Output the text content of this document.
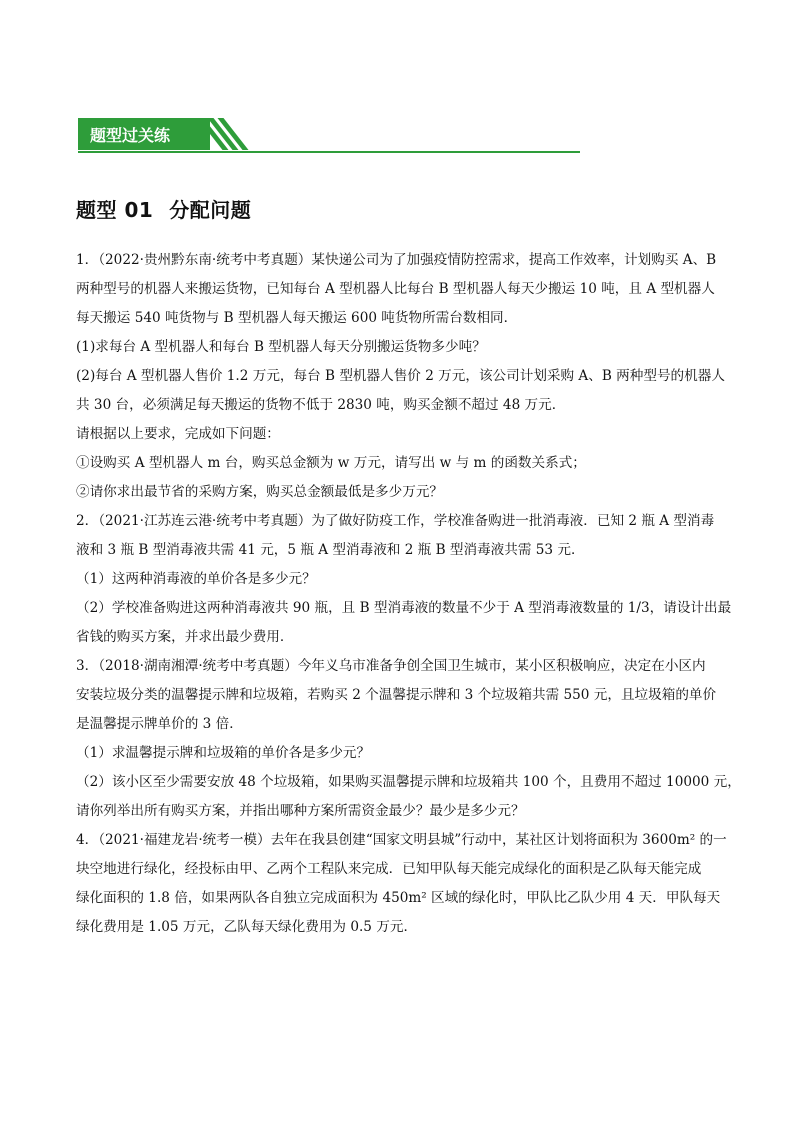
题型过关练
题型 01 分配问题
1．（2022·贵州黔东南·统考中考真题）某快递公司为了加强疫情防控需求，提高工作效率，计划购买 A、B
两种型号的机器人来搬运货物，已知每台 A 型机器人比每台 B 型机器人每天少搬运 10 吨，且 A 型机器人
每天搬运 540 吨货物与 B 型机器人每天搬运 600 吨货物所需台数相同．
(1)求每台 A 型机器人和每台 B 型机器人每天分别搬运货物多少吨？
(2)每台 A 型机器人售价 1.2 万元，每台 B 型机器人售价 2 万元，该公司计划采购 A、B 两种型号的机器人
共 30 台，必须满足每天搬运的货物不低于 2830 吨，购买金额不超过 48 万元．
请根据以上要求，完成如下问题：
①设购买 A 型机器人 m 台，购买总金额为 w 万元，请写出 w 与 m 的函数关系式；
②请你求出最节省的采购方案，购买总金额最低是多少万元？
2．（2021·江苏连云港·统考中考真题）为了做好防疫工作，学校准备购进一批消毒液．已知 2 瓶 A 型消毒
液和 3 瓶 B 型消毒液共需 41 元，5 瓶 A 型消毒液和 2 瓶 B 型消毒液共需 53 元．
（1）这两种消毒液的单价各是多少元？
（2）学校准备购进这两种消毒液共 90 瓶，且 B 型消毒液的数量不少于 A 型消毒液数量的 1/3，请设计出最
省钱的购买方案，并求出最少费用．
3．（2018·湖南湘潭·统考中考真题）今年义乌市准备争创全国卫生城市，某小区积极响应，决定在小区内
安装垃圾分类的温馨提示牌和垃圾箱，若购买 2 个温馨提示牌和 3 个垃圾箱共需 550 元，且垃圾箱的单价
是温馨提示牌单价的 3 倍．
（1）求温馨提示牌和垃圾箱的单价各是多少元？
（2）该小区至少需要安放 48 个垃圾箱，如果购买温馨提示牌和垃圾箱共 100 个，且费用不超过 10000 元，
请你列举出所有购买方案，并指出哪种方案所需资金最少？最少是多少元？
4．（2021·福建龙岩·统考一模）去年在我县创建“国家文明县城”行动中，某社区计划将面积为 3600m² 的一
块空地进行绿化，经投标由甲、乙两个工程队来完成．已知甲队每天能完成绿化的面积是乙队每天能完成
绿化面积的 1.8 倍，如果两队各自独立完成面积为 450m² 区域的绿化时，甲队比乙队少用 4 天．甲队每天
绿化费用是 1.05 万元，乙队每天绿化费用为 0.5 万元．
